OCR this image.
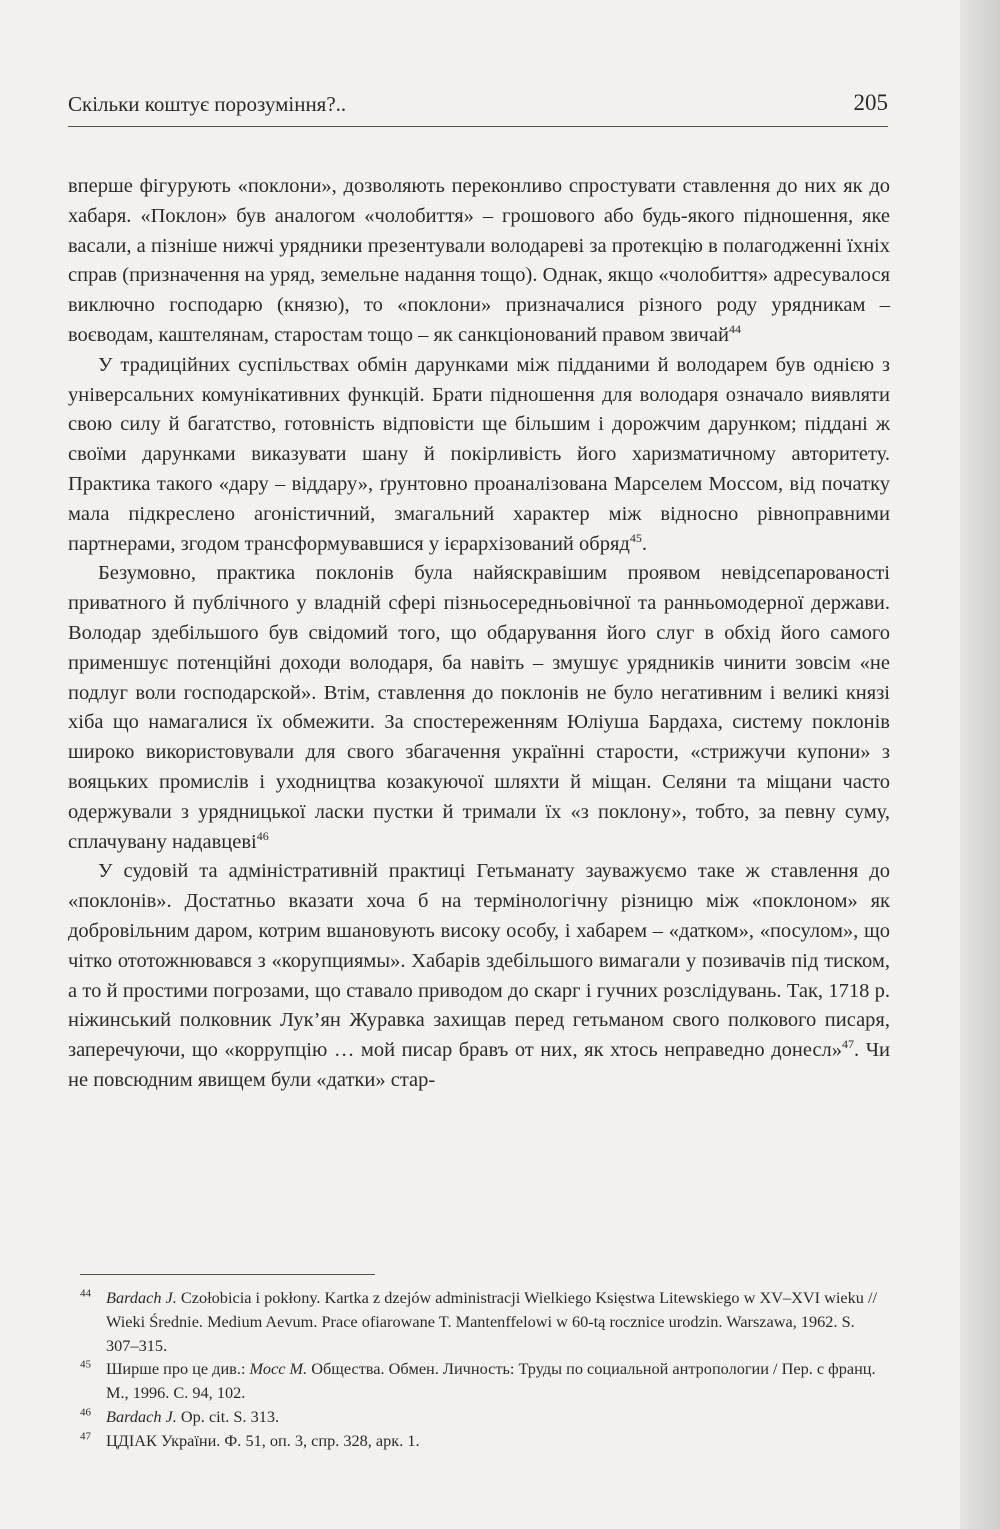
Скільки коштує порозуміння?..	205

вперше фігурують «поклони», дозволяють переконливо спростувати ставлення до них як до хабаря. «Поклон» був аналогом «чолобиття» – грошового або будь-якого підношення, яке васали, а пізніше нижчі урядники презентували володареві за протекцію в полагодженні їхніх справ (призначення на уряд, земельне надання тощо). Однак, якщо «чолобиття» адресувалося виключно господарю (князю), то «поклони» призначалися різного роду урядникам – воєводам, каштелянам, старостам тощо – як санкціонований правом звичай$^{44}$

У традиційних суспільствах обмін дарунками між підданими й володарем був однією з універсальних комунікативних функцій. Брати підношення для володаря означало виявляти свою силу й багатство, готовність відповісти ще більшим і дорожчим дарунком; піддані ж своїми дарунками виказувати шану й покірливість його харизматичному авторитету. Практика такого «дару – віддару», ґрунтовно проаналізована Марселем Моссом, від початку мала підкреслено агоністичний, змагальний характер між відносно рівноправними партнерами, згодом трансформувавшися у ієрархізований обряд$^{45}$.

Безумовно, практика поклонів була найяскравішим проявом невідсепарованості приватного й публічного у владній сфері пізньосередньовічної та ранньомодерної держави. Володар здебільшого був свідомий того, що обдарування його слуг в обхід його самого применшує потенційні доходи володаря, ба навіть – змушує урядників чинити зовсім «не подлуг воли господарской». Втім, ставлення до поклонів не було негативним і великі князі хіба що намагалися їх обмежити. За спостереженням Юліуша Бардаха, систему поклонів широко використовували для свого збагачення українні старости, «стрижучи купони» з вояцьких промислів і уходництва козакуючої шляхти й міщан. Селяни та міщани часто одержували з урядницької ласки пустки й тримали їх «з поклону», тобто, за певну суму, сплачувану надавцеві$^{46}$

У судовій та адміністративній практиці Гетьманату зауважуємо таке ж ставлення до «поклонів». Достатньо вказати хоча б на термінологічну різницю між «поклоном» як добровільним даром, котрим вшановують високу особу, і хабарем – «датком», «посулом», що чітко ототожнювався з «корупциямы». Хабарів здебільшого вимагали у позивачів під тиском, а то й простими погрозами, що ставало приводом до скарг і гучних розслідувань. Так, 1718 р. ніжинський полковник Лук’ян Журавка захищав перед гетьманом свого полкового писаря, заперечуючи, що «коррупцію … мой писар бравъ от них, як хтось неправедно донесл»$^{47}$. Чи не повсюдним явищем були «датки» стар-

$^{44}$ Bardach J. Czołobicia i pokłony. Kartka z dzejów administracji Wielkiego Księstwa Litewskiego w XV–XVI wieku // Wieki Średnie. Medium Aevum. Prace ofiarowane T. Mantenffelowi w 60-tą rocznice urodzin. Warszawa, 1962. S. 307–315.
$^{45}$ Ширше про це див.: Мосс М. Общества. Обмен. Личность: Труды по социальной антропологии / Пер. с франц. М., 1996. С. 94, 102.
$^{46}$ Bardach J. Op. cit. S. 313.
$^{47}$ ЦДІАК України. Ф. 51, оп. 3, спр. 328, арк. 1.
